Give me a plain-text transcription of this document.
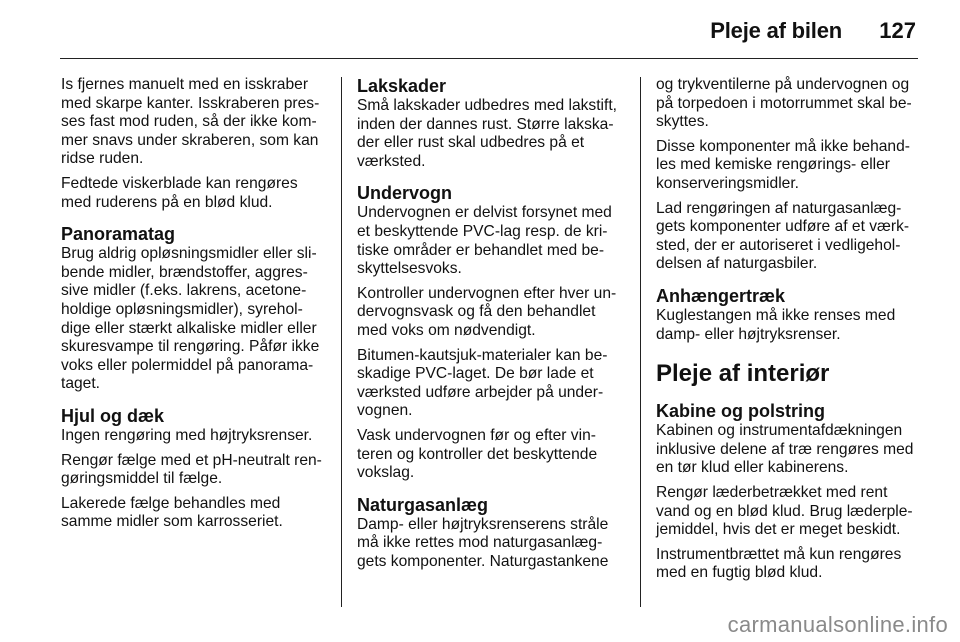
Pleje af bilen 127

Is fjernes manuelt med en isskraber med skarpe kanter. Isskraberen pres-ses fast mod ruden, så der ikke kom-mer snavs under skraberen, som kan ridse ruden.

Fedtede viskerblade kan rengøres med ruderens på en blød klud.

Panoramatag

Brug aldrig opløsningsmidler eller sli-bende midler, brændstoffer, aggres-sive midler (f.eks. lakrens, acetone-holdige opløsningsmidler), syrehol-dige eller stærkt alkaliske midler eller skuresvampe til rengøring. Påfør ikke voks eller polermiddel på panorama-taget.

Hjul og dæk

Ingen rengøring med højtryksrenser.

Rengør fælge med et pH-neutralt ren-gøringsmiddel til fælge.

Lakerede fælge behandles med samme midler som karrosseriet.

Lakskader

Små lakskader udbedres med lakstift, inden der dannes rust. Større lakska-der eller rust skal udbedres på et værksted.

Undervogn

Undervognen er delvist forsynet med et beskyttende PVC-lag resp. de kri-tiske områder er behandlet med be-skyttelsesvoks.

Kontroller undervognen efter hver un-dervognsvask og få den behandlet med voks om nødvendigt.

Bitumen-kautsjuk-materialer kan be-skadige PVC-laget. De bør lade et værksted udføre arbejder på under-vognen.

Vask undervognen før og efter vin-teren og kontroller det beskyttende vokslag.

Naturgasanlæg

Damp- eller højtryksrenserens stråle må ikke rettes mod naturgasanlæg-gets komponenter. Naturgastankene

og trykventilerne på undervognen og på torpedoen i motorrummet skal be-skyttes.

Disse komponenter må ikke behand-les med kemiske rengørings- eller konserveringsmidler.

Lad rengøringen af naturgasanlæg-gets komponenter udføre af et værk-sted, der er autoriseret i vedligehol-delsen af naturgasbiler.

Anhængertræk

Kuglestangen må ikke renses med damp- eller højtryksrenser.

Pleje af interiør
Kabine og polstring

Kabinen og instrumentafdækningen inklusive delene af træ rengøres med en tør klud eller kabinerens.

Rengør læderbetrækket med rent vand og en blød klud. Brug læderple-jemiddel, hvis det er meget beskidt.

Instrumentbrættet må kun rengøres med en fugtig blød klud.

carmanualsonline.info
